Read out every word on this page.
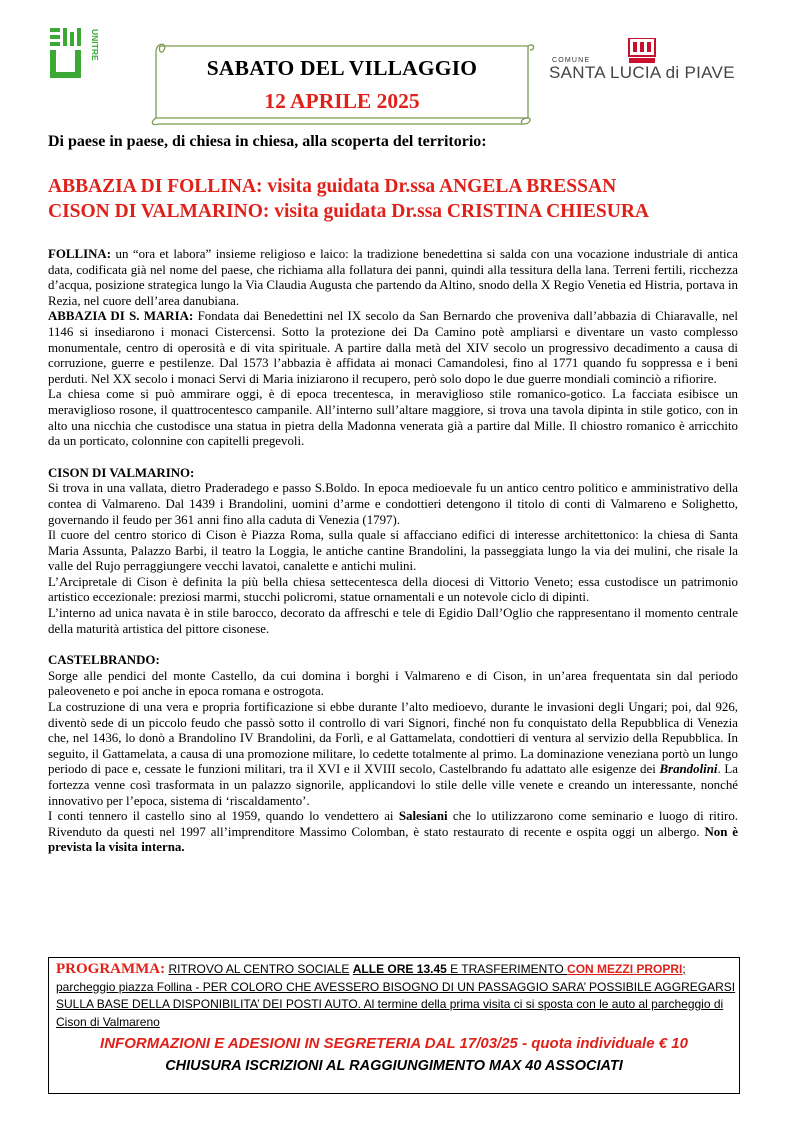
UNITRE
SABATO DEL VILLAGGIO
12 APRILE 2025
COMUNE
SANTA LUCIA di PIAVE
Di paese in paese, di chiesa in chiesa, alla scoperta del territorio:
ABBAZIA DI FOLLINA: visita guidata Dr.ssa ANGELA BRESSAN
CISON DI VALMARINO: visita guidata Dr.ssa CRISTINA CHIESURA

FOLLINA: un “ora et labora” insieme religioso e laico: la tradizione benedettina si salda con una vocazione industriale di antica data, codificata già nel nome del paese, che richiama alla follatura dei panni, quindi alla tessitura della lana. Terreni fertili, ricchezza d’acqua, posizione strategica lungo la Via Claudia Augusta che partendo da Altino, snodo della X Regio Venetia ed Histria, portava in Rezia, nel cuore dell’area danubiana.

ABBAZIA DI S. MARIA: Fondata dai Benedettini nel IX secolo da San Bernardo che proveniva dall’abbazia di Chiaravalle, nel 1146 si insediarono i monaci Cistercensi. Sotto la protezione dei Da Camino potè ampliarsi e diventare un vasto complesso monumentale, centro di operosità e di vita spirituale. A partire dalla metà del XIV secolo un progressivo decadimento a causa di corruzione, guerre e pestilenze. Dal 1573 l’abbazia è affidata ai monaci Camandolesi, fino al 1771 quando fu soppressa e i beni perduti. Nel XX secolo i monaci Servi di Maria iniziarono il recupero, però solo dopo le due guerre mondiali cominciò a rifiorire.

La chiesa come si può ammirare oggi, è di epoca trecentesca, in meraviglioso stile romanico-gotico. La facciata esibisce un meraviglioso rosone, il quattrocentesco campanile. All’interno sull’altare maggiore, si trova una tavola dipinta in stile gotico, con in alto una nicchia che custodisce una statua in pietra della Madonna venerata già a partire dal Mille. Il chiostro romanico è arricchito da un porticato, colonnine con capitelli pregevoli.

CISON DI VALMARINO:

Si trova in una vallata, dietro Praderadego e passo S.Boldo. In epoca medioevale fu un antico centro politico e amministrativo della contea di Valmareno. Dal 1439 i Brandolini, uomini d’arme e condottieri detengono il titolo di conti di Valmareno e Solighetto, governando il feudo per 361 anni fino alla caduta di Venezia (1797).

Il cuore del centro storico di Cison è Piazza Roma, sulla quale si affacciano edifici di interesse architettonico: la chiesa di Santa Maria Assunta, Palazzo Barbi, il teatro la Loggia, le antiche cantine Brandolini, la passeggiata lungo la via dei mulini, che risale la valle del Rujo perraggiungere vecchi lavatoi, canalette e antichi mulini.

L’Arcipretale di Cison è definita la più bella chiesa settecentesca della diocesi di Vittorio Veneto; essa custodisce un patrimonio artistico eccezionale: preziosi marmi, stucchi policromi, statue ornamentali e un notevole ciclo di dipinti.

L’interno ad unica navata è in stile barocco, decorato da affreschi e tele di Egidio Dall’Oglio che rappresentano il momento centrale della maturità artistica del pittore cisonese.

CASTELBRANDO:

Sorge alle pendici del monte Castello, da cui domina i borghi i Valmareno e di Cison, in un’area frequentata sin dal periodo paleoveneto e poi anche in epoca romana e ostrogota.

La costruzione di una vera e propria fortificazione si ebbe durante l’alto medioevo, durante le invasioni degli Ungari; poi, dal 926, diventò sede di un piccolo feudo che passò sotto il controllo di vari Signori, finché non fu conquistato della Repubblica di Venezia che, nel 1436, lo donò a Brandolino IV Brandolini, da Forlì, e al Gattamelata, condottieri di ventura al servizio della Repubblica. In seguito, il Gattamelata, a causa di una promozione militare, lo cedette totalmente al primo. La dominazione veneziana portò un lungo periodo di pace e, cessate le funzioni militari, tra il XVI e il XVIII secolo, Castelbrando fu adattato alle esigenze dei Brandolini. La fortezza venne così trasformata in un palazzo signorile, applicandovi lo stile delle ville venete e creando un interessante, nonché innovativo per l’epoca, sistema di ‘riscaldamento’.

I conti tennero il castello sino al 1959, quando lo vendettero ai Salesiani che lo utilizzarono come seminario e luogo di ritiro. Rivenduto da questi nel 1997 all’imprenditore Massimo Colomban, è stato restaurato di recente e ospita oggi un albergo. Non è prevista la visita interna.

PROGRAMMA: RITROVO AL CENTRO SOCIALE ALLE ORE 13.45 E TRASFERIMENTO CON MEZZI PROPRI; parcheggio piazza Follina - PER COLORO CHE AVESSERO BISOGNO DI UN PASSAGGIO SARA’ POSSIBILE AGGREGARSI SULLA BASE DELLA DISPONIBILITA’ DEI POSTI AUTO. Al termine della prima visita ci si sposta con le auto al parcheggio di Cison di Valmareno
INFORMAZIONI E ADESIONI IN SEGRETERIA DAL 17/03/25 - quota individuale € 10
CHIUSURA ISCRIZIONI AL RAGGIUNGIMENTO MAX 40 ASSOCIATI
